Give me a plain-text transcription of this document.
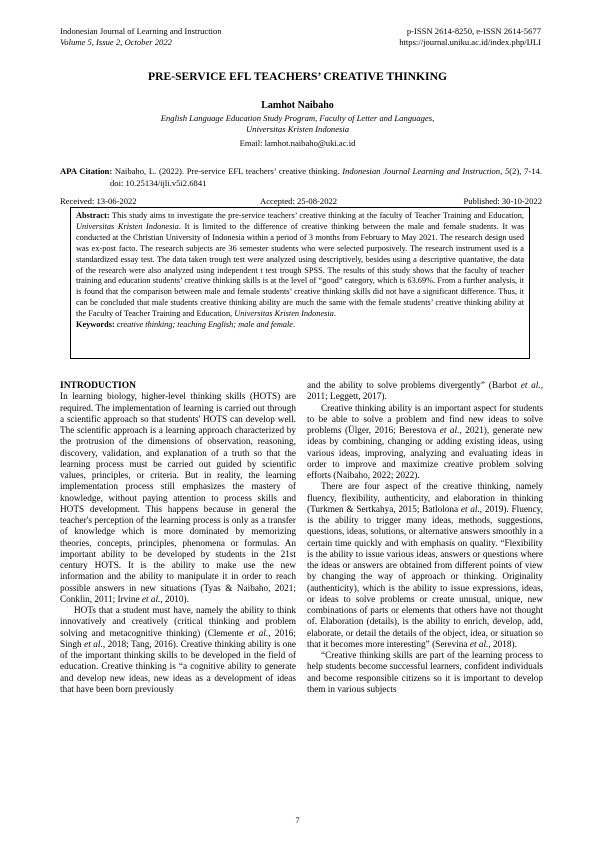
Indonesian Journal of Learning and Instruction
Volume 5, Issue 2, October 2022
p-ISSN 2614-8250, e-ISSN 2614-5677
https://journal.uniku.ac.id/index.php/IJLI
PRE-SERVICE EFL TEACHERS’ CREATIVE THINKING
Lamhot Naibaho
English Language Education Study Program, Faculty of Letter and Languages,
Universitas Kristen Indonesia
Email: lamhot.naibaho@uki.ac.id
APA Citation: Naibaho, L. (2022). Pre-service EFL teachers’ creative thinking. Indonesian Journal Learning and Instruction, 5(2), 7-14. doi: 10.25134/ijli.v5i2.6841
Received: 13-06-2022	Accepted: 25-08-2022	Published: 30-10-2022
Abstract: This study aims to investigate the pre-service teachers’ creative thinking at the faculty of Teacher Training and Education, Universitas Kristen Indonesia. It is limited to the difference of creative thinking between the male and female students. It was conducted at the Christian University of Indonesia within a period of 3 months from February to May 2021. The research design used was ex-post facto. The research subjects are 36 semester students who were selected purposively. The research instrument used is a standardized essay test. The data taken trough test were analyzed using descriptively, besides using a descriptive quantative, the data of the research were also analyzed using independent t test trough SPSS. The results of this study shows that the faculty of teacher training and education students’ creative thinking skills is at the level of “good” category, which is 63.69%. From a further analysis, it is found that the comparison between male and female students’ creative thinking skills did not have a significant difference. Thus, it can be concluded that male students creative thinking ability are much the same with the female students’ creative thinking ability at the Faculty of Teacher Training and Education, Universitas Kristen Indonesia.
Keywords: creative thinking; teaching English; male and female.
INTRODUCTION

In learning biology, higher-level thinking skills (HOTS) are required. The implementation of learning is carried out through a scientific approach so that students' HOTS can develop well. The scientific approach is a learning approach characterized by the protrusion of the dimensions of observation, reasoning, discovery, validation, and explanation of a truth so that the learning process must be carried out guided by scientific values, principles, or criteria. But in reality, the learning implementation process still emphasizes the mastery of knowledge, without paying attention to process skills and HOTS development. This happens because in general the teacher's perception of the learning process is only as a transfer of knowledge which is more dominated by memorizing theories, concepts, principles, phenomena or formulas. An important ability to be developed by students in the 21st century HOTS. It is the ability to make use the new information and the ability to manipulate it in order to reach possible answers in new situations (Tyas & Naibaho, 2021; Conklin, 2011; Irvine et al., 2010).

HOTs that a student must have, namely the ability to think innovatively and creatively (critical thinking and problem solving and metacognitive thinking) (Clemente et al., 2016; Singh et al., 2018; Tang, 2016). Creative thinking ability is one of the important thinking skills to be developed in the field of education. Creative thinking is “a cognitive ability to generate and develop new ideas, new ideas as a development of ideas that have been born previously

and the ability to solve problems divergently” (Barbot et al., 2011; Leggett, 2017).

Creative thinking ability is an important aspect for students to be able to solve a problem and find new ideas to solve problems (Ülger, 2016; Berestova et al., 2021), generate new ideas by combining, changing or adding existing ideas, using various ideas, improving, analyzing and evaluating ideas in order to improve and maximize creative problem solving efforts (Naibaho, 2022; 2022).

There are four aspect of the creative thinking, namely fluency, flexibility, authenticity, and elaboration in thinking (Turkmen & Sertkahya, 2015; Batlolona et al., 2019). Fluency, is the ability to trigger many ideas, methods, suggestions, questions, ideas, solutions, or alternative answers smoothly in a certain time quickly and with emphasis on quality. “Flexibility is the ability to issue various ideas, answers or questions where the ideas or answers are obtained from different points of view by changing the way of approach or thinking. Originality (authenticity), which is the ability to issue expressions, ideas, or ideas to solve problems or create unusual, unique, new combinations of parts or elements that others have not thought of. Elaboration (details), is the ability to enrich, develop, add, elaborate, or detail the details of the object, idea, or situation so that it becomes more interesting” (Serevina et al., 2018).

“Creative thinking skills are part of the learning process to help students become successful learners, confident individuals and become responsible citizens so it is important to develop them in various subjects

7
